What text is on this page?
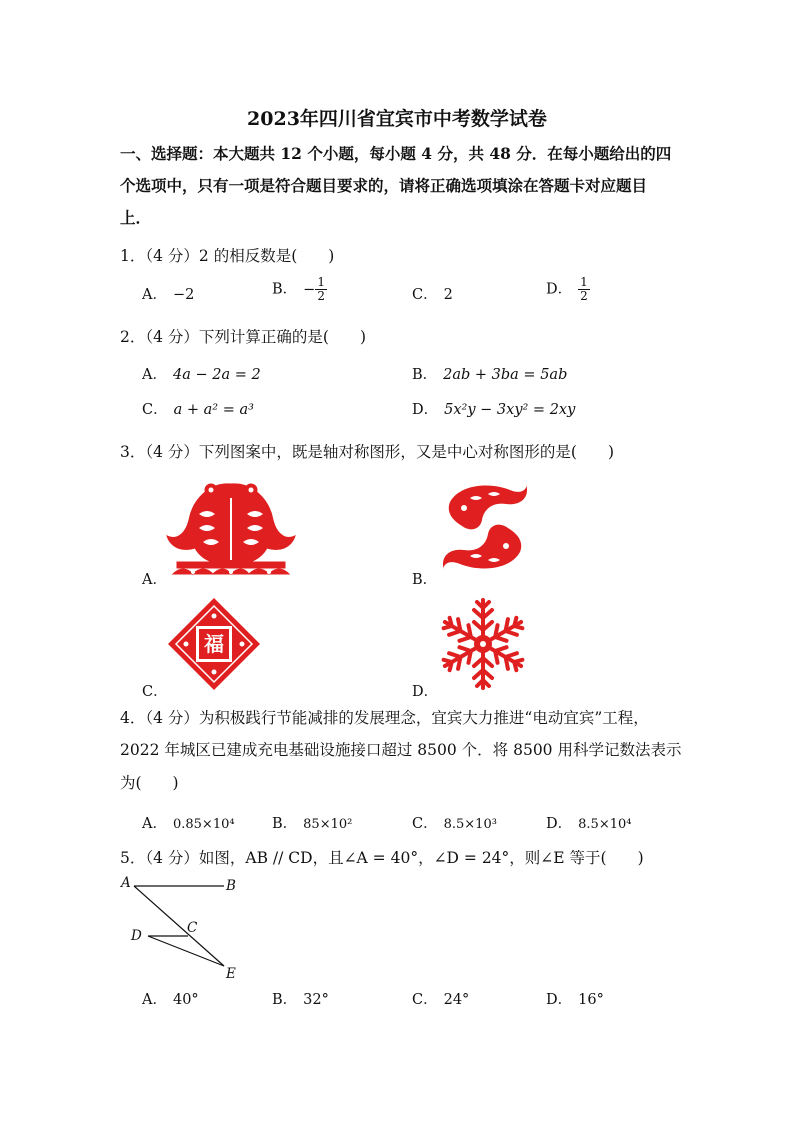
2023年四川省宜宾市中考数学试卷
一、选择题：本大题共 12 个小题，每小题 4 分，共 48 分．在每小题给出的四
个选项中，只有一项是符合题目要求的，请将正确选项填涂在答题卡对应题目
上．
1．（4 分）2 的相反数是(　　)
A． −2	B． − $\frac{1}{2}$	C． 2	D． $\frac{1}{2}$
2．（4 分）下列计算正确的是(　　)
A． 4a − 2a = 2	B． 2ab + 3ba = 5ab
C． a + a² = a³	D． 5x²y − 3xy² = 2xy
3．（4 分）下列图案中，既是轴对称图形，又是中心对称图形的是(　　)
A．	B．
福
C．	D．
4．（4 分）为积极践行节能减排的发展理念，宜宾大力推进“电动宜宾”工程，
2022 年城区已建成充电基础设施接口超过 8500 个．将 8500 用科学记数法表示
为(　　)
A． 0.85×10⁴	B． 85×10²	C． 8.5×10³	D． 8.5×10⁴
5．（4 分）如图，AB // CD，且∠A = 40°，∠D = 24°，则∠E 等于(　　)
A	B
C
D
E
A． 40°	B． 32°	C． 24°	D． 16°
